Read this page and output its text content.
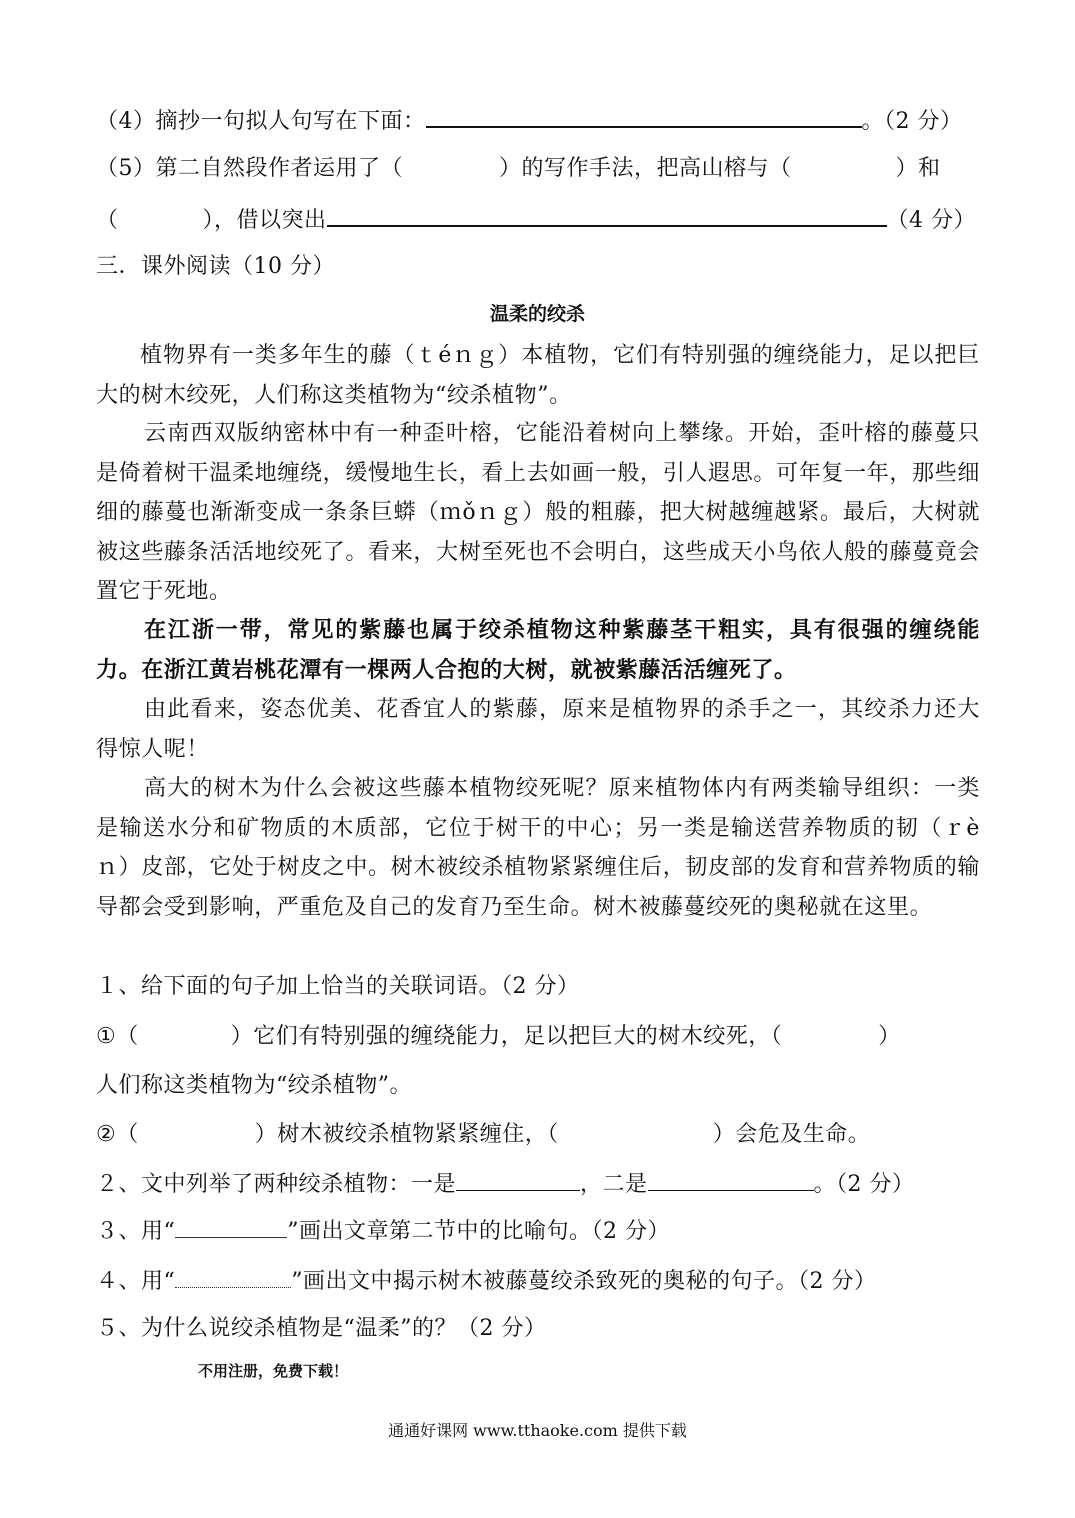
（4）摘抄一句拟人句写在下面：	。（2 分）
（5）第二自然段作者运用了（	）的写作手法，把高山榕与（	）和
（	），借以突出	（4 分）
三．课外阅读（10 分）
温柔的绞杀
植物界有一类多年生的藤（ｔéｎｇ）本植物，它们有特别强的缠绕能力，足以把巨大的树木绞死，人们称这类植物为“绞杀植物”。
云南西双版纳密林中有一种歪叶榕，它能沿着树向上攀缘。开始，歪叶榕的藤蔓只是倚着树干温柔地缠绕，缓慢地生长，看上去如画一般，引人遐思。可年复一年，那些细细的藤蔓也渐渐变成一条条巨蟒（ｍǒｎｇ）般的粗藤，把大树越缠越紧。最后，大树就被这些藤条活活地绞死了。看来，大树至死也不会明白，这些成天小鸟依人般的藤蔓竟会置它于死地。
在江浙一带，常见的紫藤也属于绞杀植物这种紫藤茎干粗实，具有很强的缠绕能力。在浙江黄岩桃花潭有一棵两人合抱的大树，就被紫藤活活缠死了。
由此看来，姿态优美、花香宜人的紫藤，原来是植物界的杀手之一，其绞杀力还大得惊人呢！
高大的树木为什么会被这些藤本植物绞死呢？原来植物体内有两类输导组织：一类是输送水分和矿物质的木质部，它位于树干的中心；另一类是输送营养物质的韧（ｒèｎ）皮部，它处于树皮之中。树木被绞杀植物紧紧缠住后，韧皮部的发育和营养物质的输导都会受到影响，严重危及自己的发育乃至生命。树木被藤蔓绞死的奥秘就在这里。
１、给下面的句子加上恰当的关联词语。（2 分）
①（	）它们有特别强的缠绕能力，足以把巨大的树木绞死，（	）
人们称这类植物为“绞杀植物”。
②（	）树木被绞杀植物紧紧缠住，（	）会危及生命。
２、文中列举了两种绞杀植物：一是	，二是	。（2 分）
３、用“	”画出文章第二节中的比喻句。（2 分）
４、用“	”画出文中揭示树木被藤蔓绞杀致死的奥秘的句子。（2 分）
５、为什么说绞杀植物是“温柔”的？（2 分）
不用注册，免费下载！
通通好课网 www.tthaoke.com 提供下载
